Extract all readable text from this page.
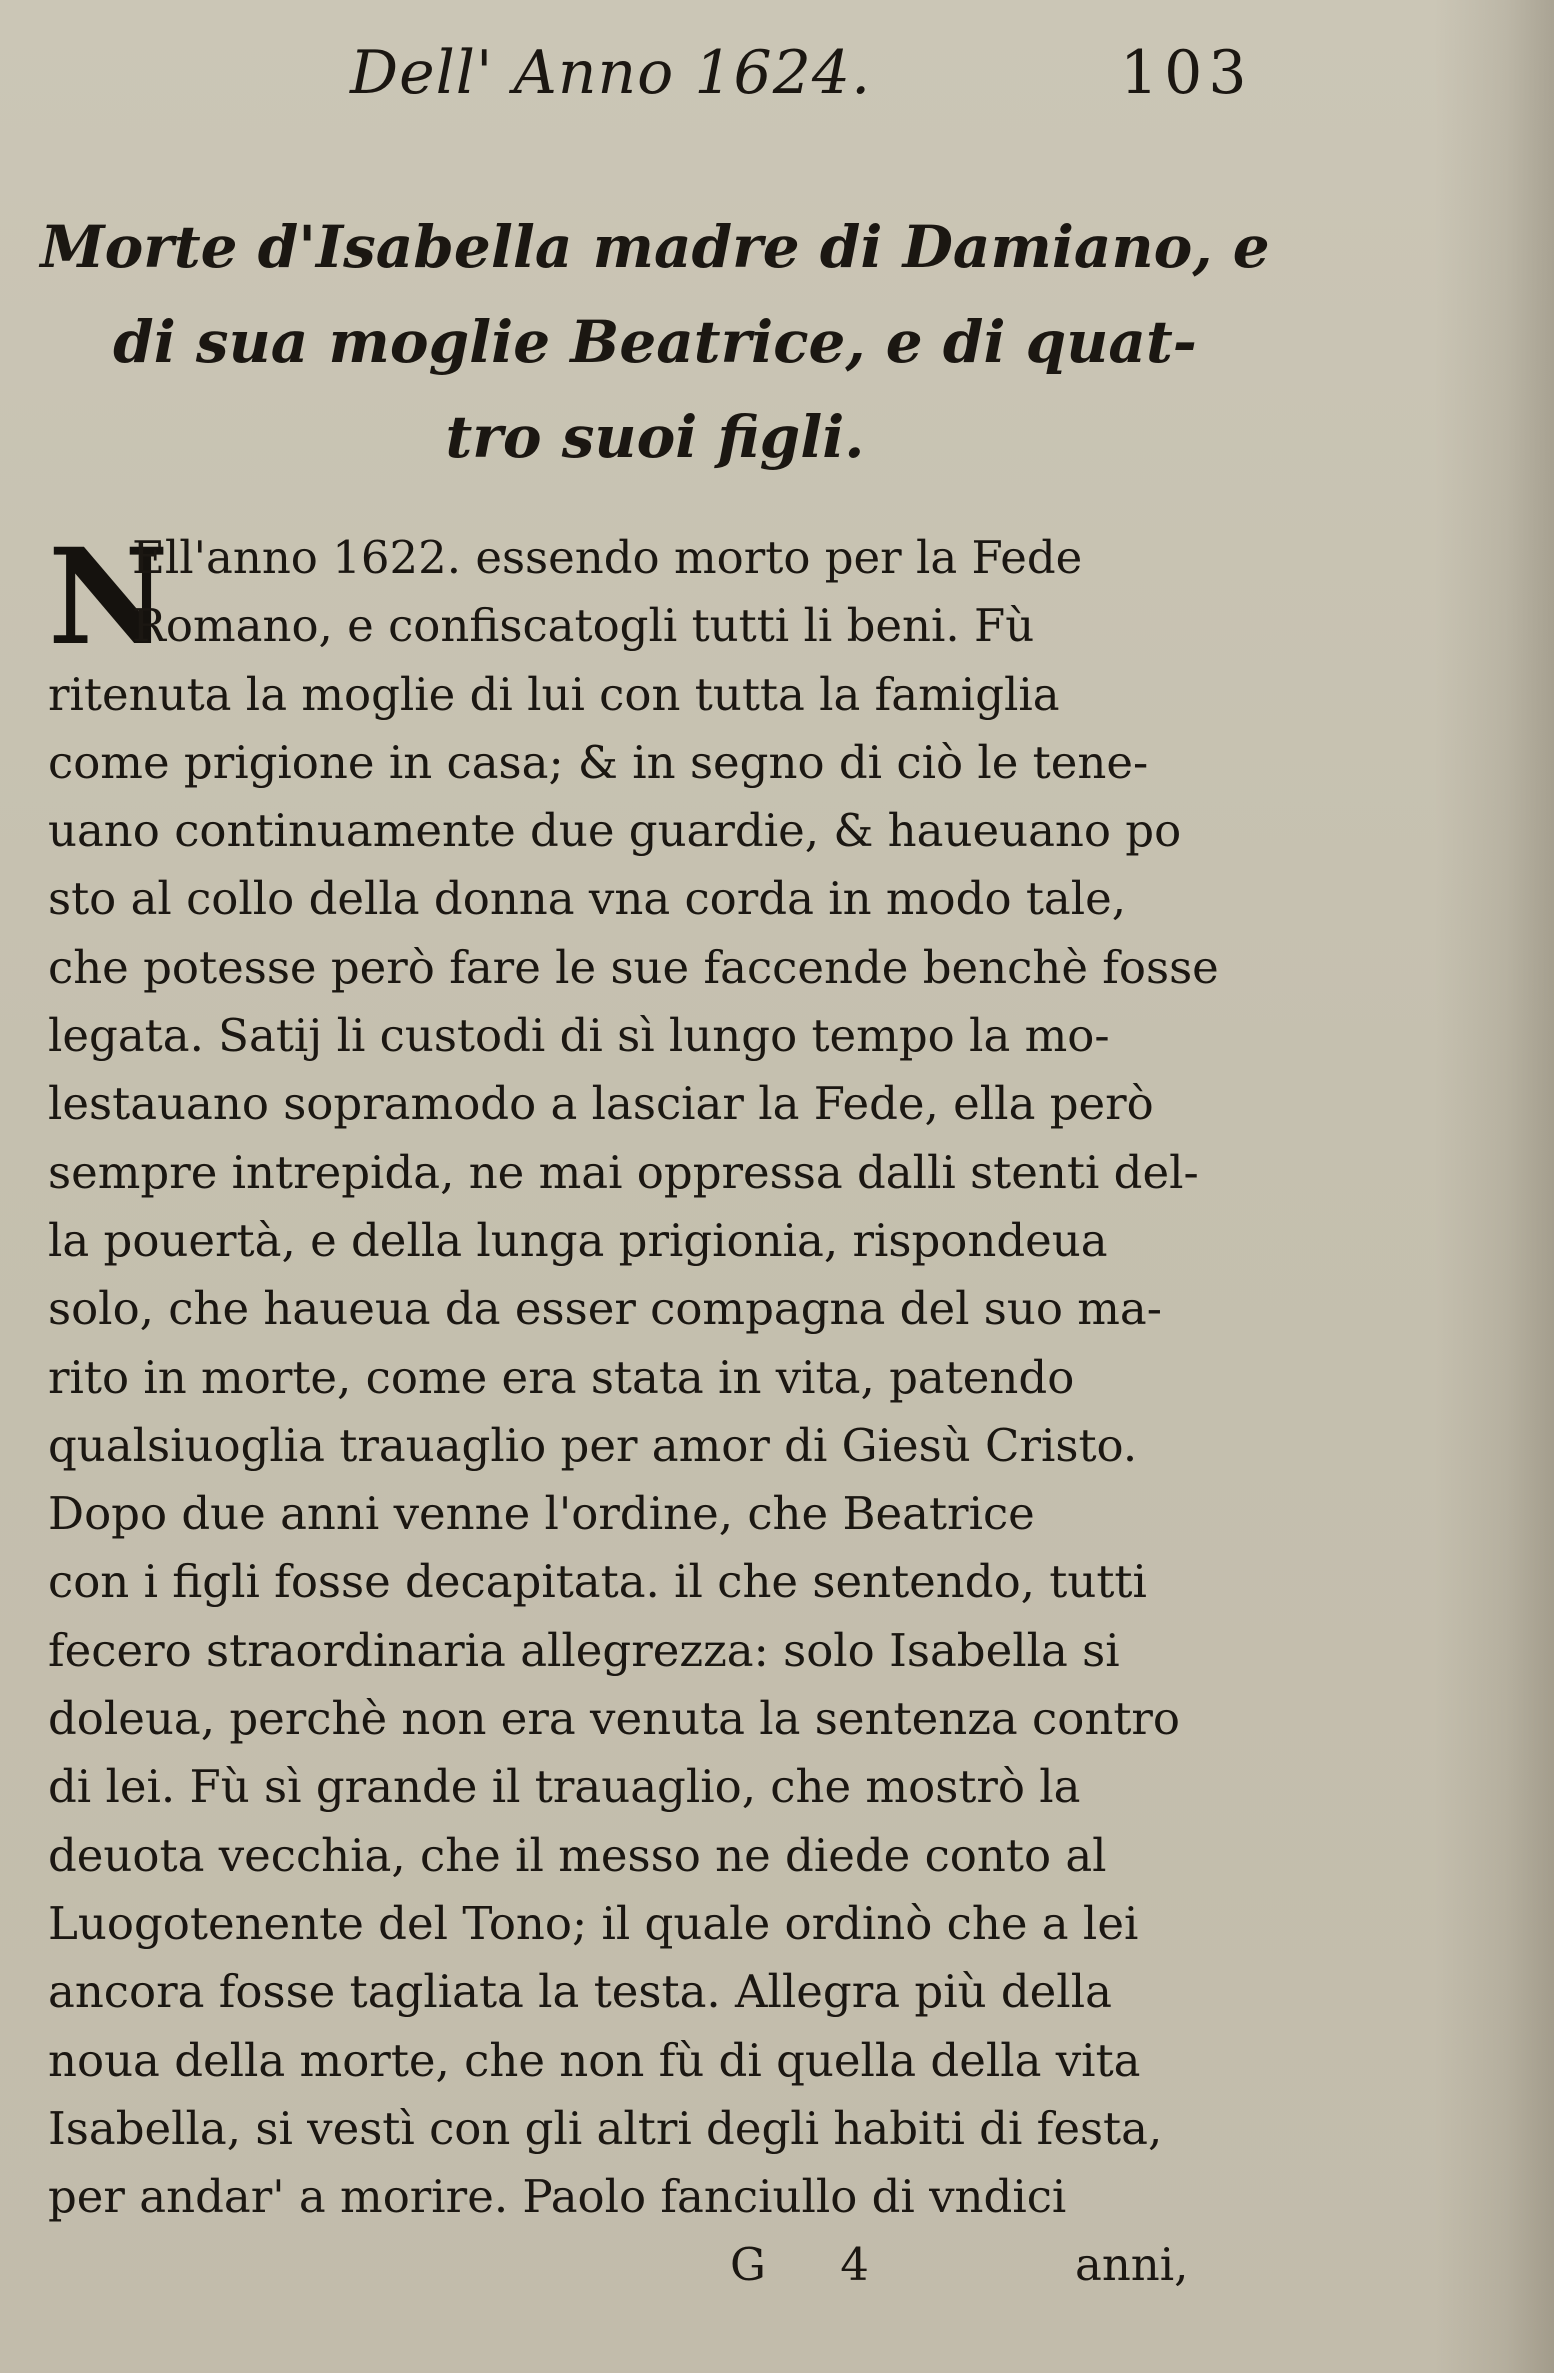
Dell' Anno 1624.	103
Morte d'Isabella madre di Damiano, e
di sua moglie Beatrice, e di quat-
tro suoi figli.
N
Ell'anno 1622. essendo morto per la Fede
Romano, e confiscatogli tutti li beni. Fù
ritenuta la moglie di lui con tutta la famiglia
come prigione in casa; & in segno di ciò le tene-
uano continuamente due guardie, & haueuano po
sto al collo della donna vna corda in modo tale,
che potesse però fare le sue faccende benchè fosse
legata. Satij li custodi di sì lungo tempo la mo-
lestauano sopramodo a lasciar la Fede, ella però
sempre intrepida, ne mai oppressa dalli stenti del-
la pouertà, e della lunga prigionia, rispondeua
solo, che haueua da esser compagna del suo ma-
rito in morte, come era stata in vita, patendo
qualsiuoglia trauaglio per amor di Giesù Cristo.
Dopo due anni venne l'ordine, che Beatrice
con i figli fosse decapitata. il che sentendo, tutti
fecero straordinaria allegrezza: solo Isabella si
doleua, perchè non era venuta la sentenza contro
di lei. Fù sì grande il trauaglio, che mostrò la
deuota vecchia, che il messo ne diede conto al
Luogotenente del Tono; il quale ordinò che a lei
ancora fosse tagliata la testa. Allegra più della
noua della morte, che non fù di quella della vita
Isabella, si vestì con gli altri degli habiti di festa,
per andar' a morire. Paolo fanciullo di vndici
G 4	anni,
